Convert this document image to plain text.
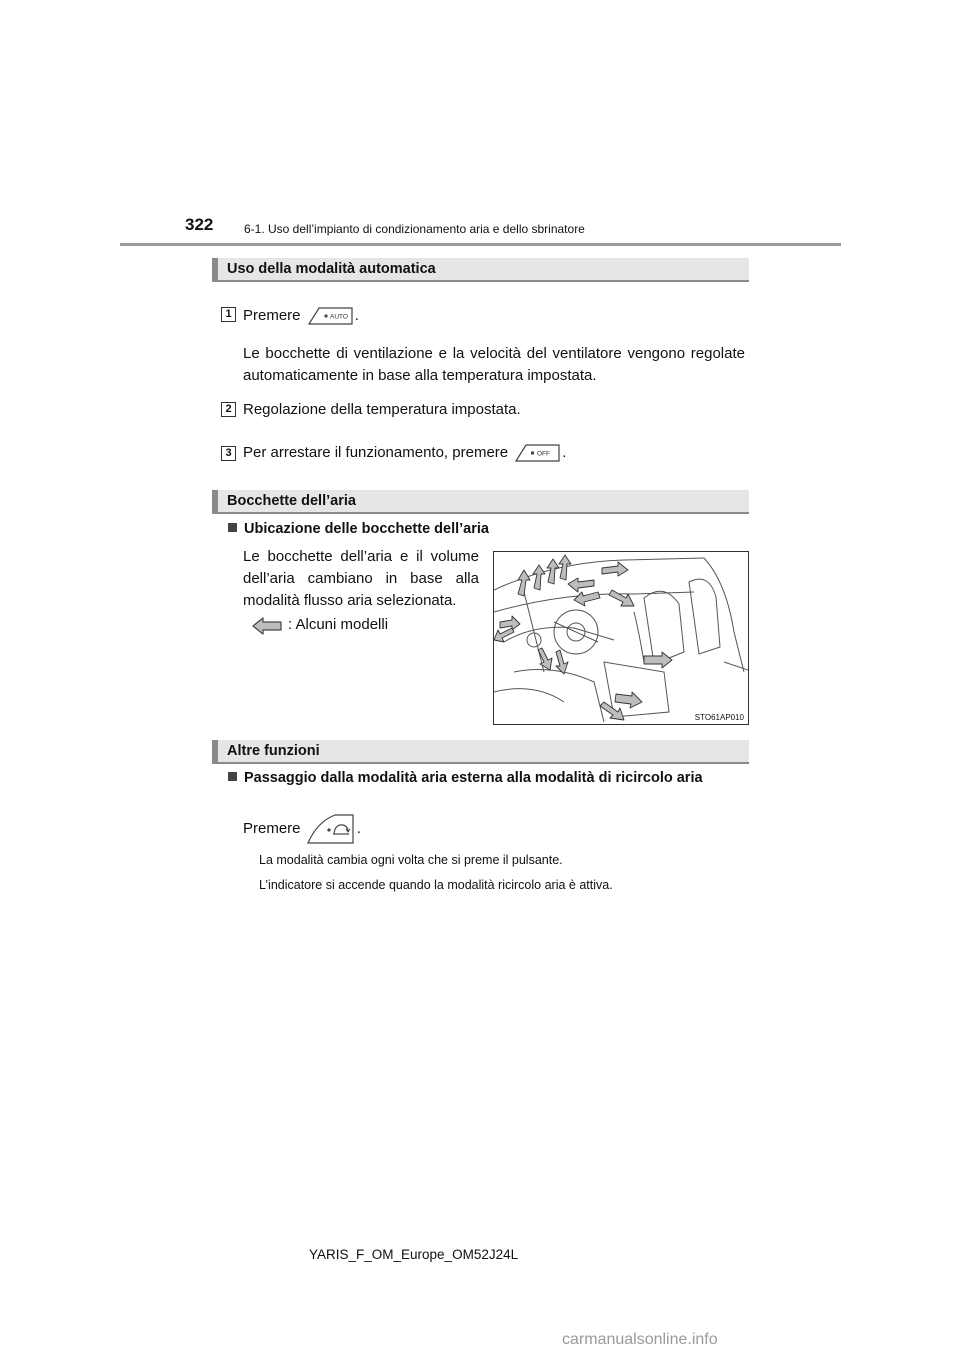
322	6-1. Uso dell’impianto di condizionamento aria e dello sbrinatore
Uso della modalità automatica
1 Premere	AUTO .
Le bocchette di ventilazione e la velocità del ventilatore vengono regolate automaticamente in base alla temperatura impostata.
2 Regolazione della temperatura impostata.
3 Per arrestare il funzionamento, premere	OFF .
Bocchette dell’aria
Ubicazione delle bocchette dell’aria
Le bocchette dell’aria e il volume dell’aria cambiano in base alla modalità flusso aria selezionata.
: Alcuni modelli
STO61AP010
Altre funzioni
Passaggio dalla modalità aria esterna alla modalità di ricircolo aria
Premere	.
La modalità cambia ogni volta che si preme il pulsante.
L’indicatore si accende quando la modalità ricircolo aria è attiva.
YARIS_F_OM_Europe_OM52J24L
carmanualsonline.info
